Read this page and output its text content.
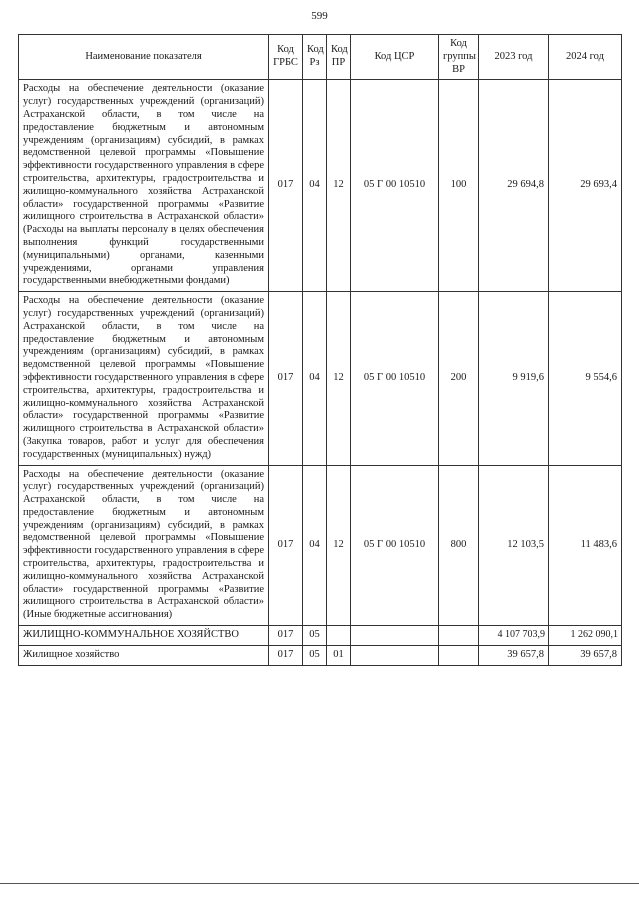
599
Наименование показателя	Код ГРБС	Код Рз	Код ПР	Код ЦСР	Код группы ВР	2023 год	2024 год
Расходы на обеспечение деятельности (оказание услуг) государственных учреждений (организаций) Астраханской области, в том числе на предоставление бюджетным и автономным учреждениям (организациям) субсидий, в рамках ведомственной целевой программы «Повышение эффективности государственного управления в сфере строительства, архитектуры, градостроительства и жилищно-коммунального хозяйства Астраханской области» государственной программы «Развитие жилищного строительства в Астраханской области» (Расходы на выплаты персоналу в целях обеспечения выполнения функций государственными (муниципальными) органами, казенными учреждениями, органами управления государственными внебюджетными фондами)	017	04	12	05 Г 00 10510	100	29 694,8	29 693,4
Расходы на обеспечение деятельности (оказание услуг) государственных учреждений (организаций) Астраханской области, в том числе на предоставление бюджетным и автономным учреждениям (организациям) субсидий, в рамках ведомственной целевой программы «Повышение эффективности государственного управления в сфере строительства, архитектуры, градостроительства и жилищно-коммунального хозяйства Астраханской области» государственной программы «Развитие жилищного строительства в Астраханской области» (Закупка товаров, работ и услуг для обеспечения государственных (муниципальных) нужд)	017	04	12	05 Г 00 10510	200	9 919,6	9 554,6
Расходы на обеспечение деятельности (оказание услуг) государственных учреждений (организаций) Астраханской области, в том числе на предоставление бюджетным и автономным учреждениям (организациям) субсидий, в рамках ведомственной целевой программы «Повышение эффективности государственного управления в сфере строительства, архитектуры, градостроительства и жилищно-коммунального хозяйства Астраханской области» государственной программы «Развитие жилищного строительства в Астраханской области» (Иные бюджетные ассигнования)	017	04	12	05 Г 00 10510	800	12 103,5	11 483,6
ЖИЛИЩНО-КОММУНАЛЬНОЕ ХОЗЯЙСТВО	017	05				4 107 703,9	1 262 090,1
Жилищное хозяйство	017	05	01			39 657,8	39 657,8
